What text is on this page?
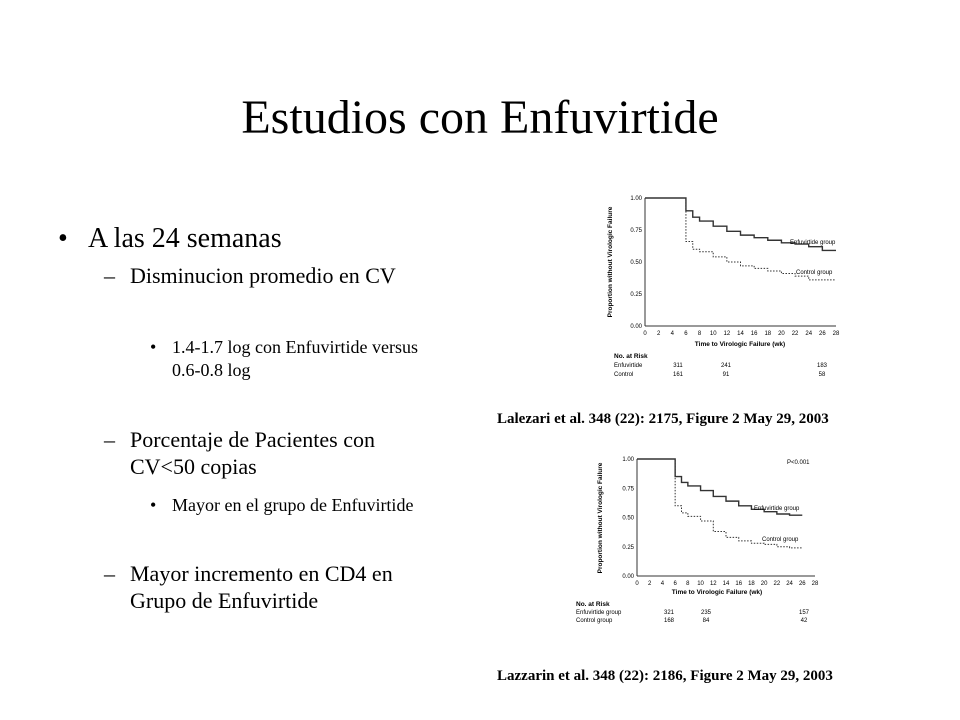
Estudios con Enfuvirtide
• A las 24 semanas
– Disminucion promedio en CV
• 1.4-1.7 log con Enfuvirtide versus 0.6-0.8 log
– Porcentaje de Pacientes con CV<50 copias
• Mayor en el grupo de Enfuvirtide
– Mayor incremento en CD4 en Grupo de Enfuvirtide
Proportion without Virologic Failure
0.00
0.25
0.50
0.75
1.00
0 2 4 6 8 10 12 14 16 18 20 22 24 26 28
Enfuvirtide group
Control group
Time to Virologic Failure (wk)
No. at Risk
Enfuvirtide	311	241	183
Control	161	91	58
Lalezari et al. 348 (22): 2175, Figure 2 May 29, 2003
Proportion without Virologic Failure
0.00
0.25
0.50
0.75
1.00
0 2 4 6 8 10 12 14 16 18 20 22 24 26 28
P<0.001
Enfuvirtide group
Control group
Time to Virologic Failure (wk)
No. at Risk
Enfuvirtide group	321	235	157
Control group	168	84	42
Lazzarin et al. 348 (22): 2186, Figure 2 May 29, 2003
